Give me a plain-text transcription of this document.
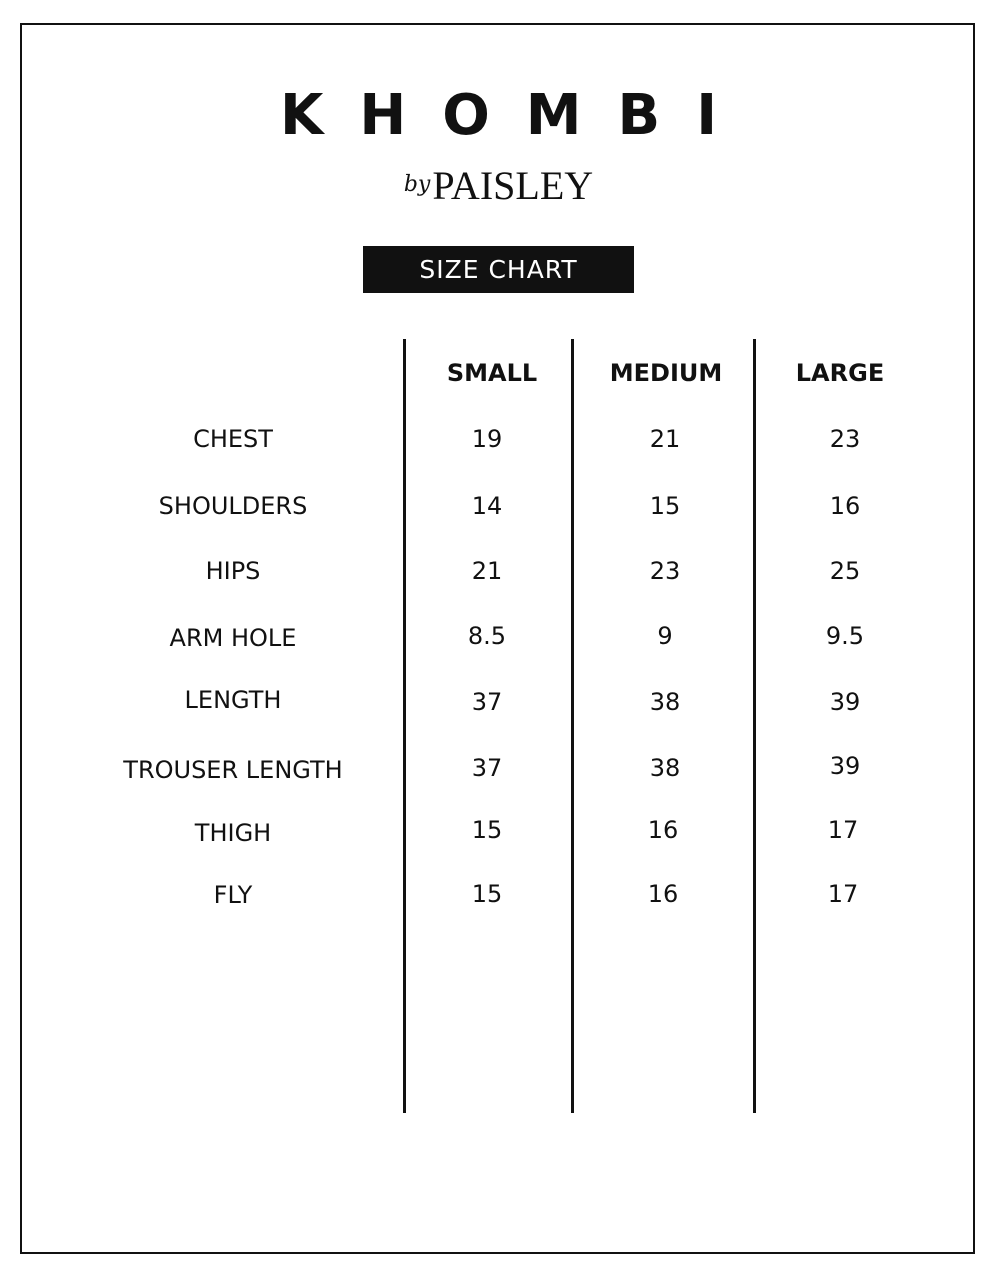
KHOMBI
byPAISLEY
SIZE CHART
SMALL	MEDIUM	LARGE
CHEST	19	21	23
SHOULDERS	14	15	16
HIPS	21	23	25
ARM HOLE	8.5	9	9.5
LENGTH	37	38	39
TROUSER LENGTH	37	38	39
THIGH	15	16	17
FLY	15	16	17
